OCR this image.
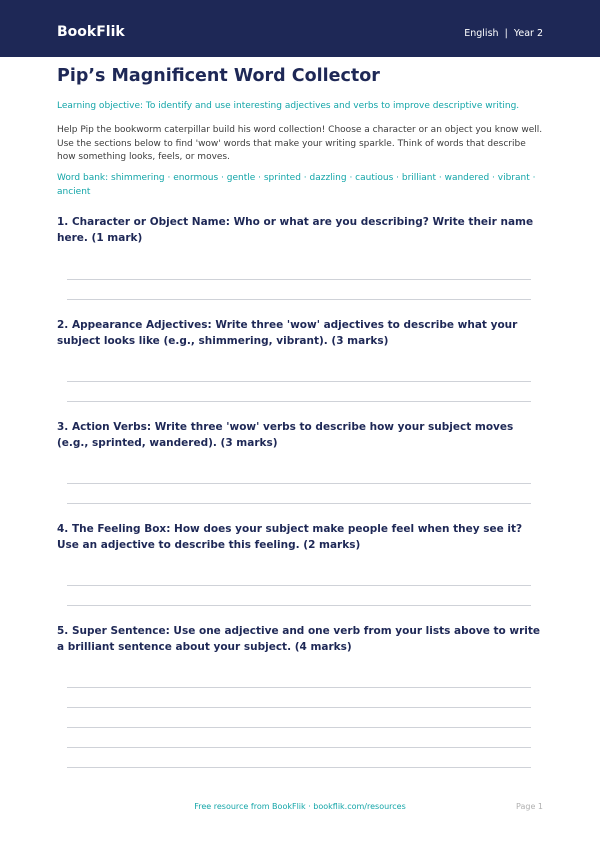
BookFlik	English  |  Year 2
Pip’s Magnificent Word Collector
Learning objective: To identify and use interesting adjectives and verbs to improve descriptive writing.
Help Pip the bookworm caterpillar build his word collection! Choose a character or an object you know well. Use the sections below to find 'wow' words that make your writing sparkle. Think of words that describe how something looks, feels, or moves.
Word bank: shimmering · enormous · gentle · sprinted · dazzling · cautious · brilliant · wandered · vibrant · ancient
1. Character or Object Name: Who or what are you describing? Write their name here. (1 mark)
2. Appearance Adjectives: Write three 'wow' adjectives to describe what your subject looks like (e.g., shimmering, vibrant). (3 marks)
3. Action Verbs: Write three 'wow' verbs to describe how your subject moves (e.g., sprinted, wandered). (3 marks)
4. The Feeling Box: How does your subject make people feel when they see it? Use an adjective to describe this feeling. (2 marks)
5. Super Sentence: Use one adjective and one verb from your lists above to write a brilliant sentence about your subject. (4 marks)
Free resource from BookFlik · bookflik.com/resources	Page 1
